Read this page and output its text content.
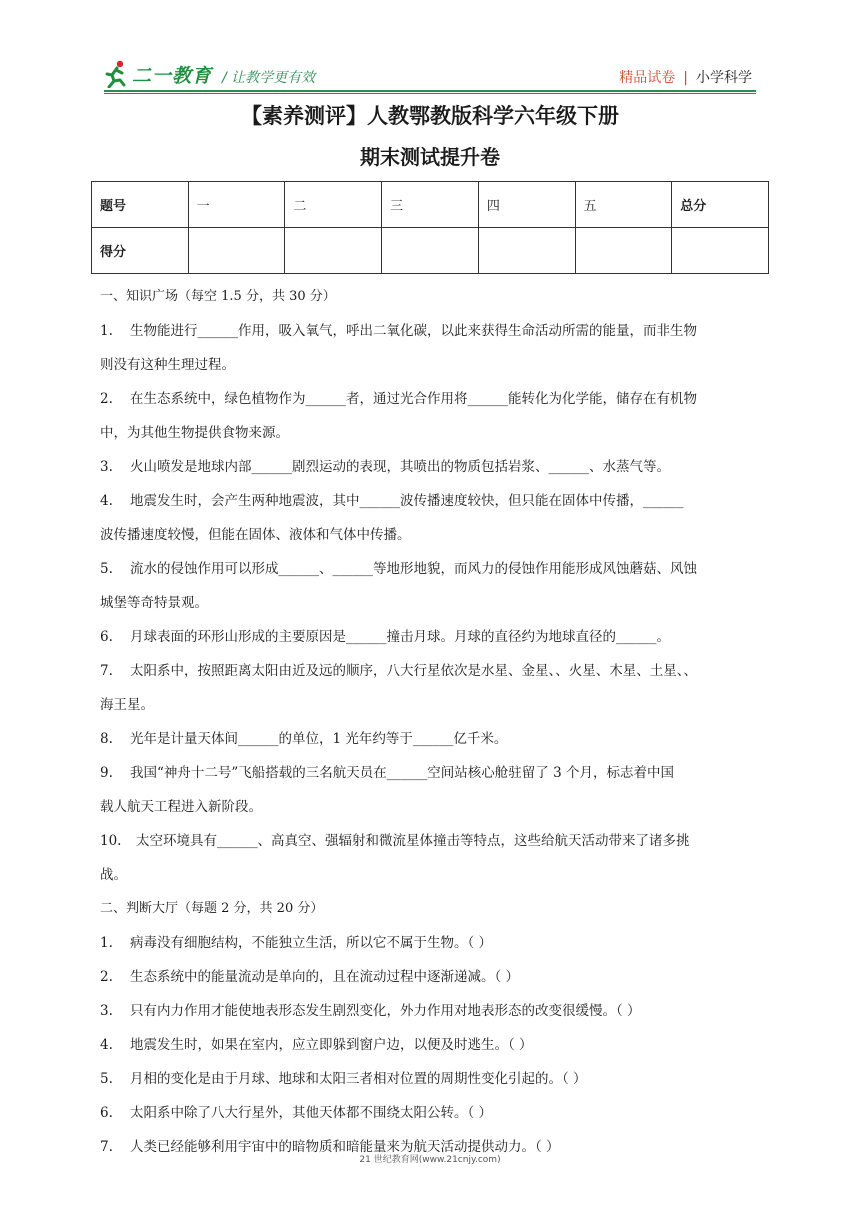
二一教育 / 让教学更有效	精品试卷 | 小学科学
【素养测评】人教鄂教版科学六年级下册
期末测试提升卷
题号	一	二	三	四	五	总分
得分						
一、知识广场（每空 1.5 分，共 30 分）
1. 生物能进行______作用，吸入氧气，呼出二氧化碳，以此来获得生命活动所需的能量，而非生物
则没有这种生理过程。
2. 在生态系统中，绿色植物作为______者，通过光合作用将______能转化为化学能，储存在有机物
中，为其他生物提供食物来源。
3. 火山喷发是地球内部______剧烈运动的表现，其喷出的物质包括岩浆、______、水蒸气等。
4. 地震发生时，会产生两种地震波，其中______波传播速度较快，但只能在固体中传播，______
波传播速度较慢，但能在固体、液体和气体中传播。
5. 流水的侵蚀作用可以形成______、______等地形地貌，而风力的侵蚀作用能形成风蚀蘑菇、风蚀
城堡等奇特景观。
6. 月球表面的环形山形成的主要原因是______撞击月球。月球的直径约为地球直径的______。
7. 太阳系中，按照距离太阳由近及远的顺序，八大行星依次是水星、金星、、火星、木星、土星、、
海王星。
8. 光年是计量天体间______的单位，1 光年约等于______亿千米。
9. 我国“神舟十二号”飞船搭载的三名航天员在______空间站核心舱驻留了 3 个月，标志着中国
载人航天工程进入新阶段。
10. 太空环境具有______、高真空、强辐射和微流星体撞击等特点，这些给航天活动带来了诸多挑
战。
二、判断大厅（每题 2 分，共 20 分）
1. 病毒没有细胞结构，不能独立生活，所以它不属于生物。（ ）
2. 生态系统中的能量流动是单向的，且在流动过程中逐渐递减。（ ）
3. 只有内力作用才能使地表形态发生剧烈变化，外力作用对地表形态的改变很缓慢。（ ）
4. 地震发生时，如果在室内，应立即躲到窗户边，以便及时逃生。（ ）
5. 月相的变化是由于月球、地球和太阳三者相对位置的周期性变化引起的。（ ）
6. 太阳系中除了八大行星外，其他天体都不围绕太阳公转。（ ）
7. 人类已经能够利用宇宙中的暗物质和暗能量来为航天活动提供动力。（ ）
21 世纪教育网(www.21cnjy.com)
